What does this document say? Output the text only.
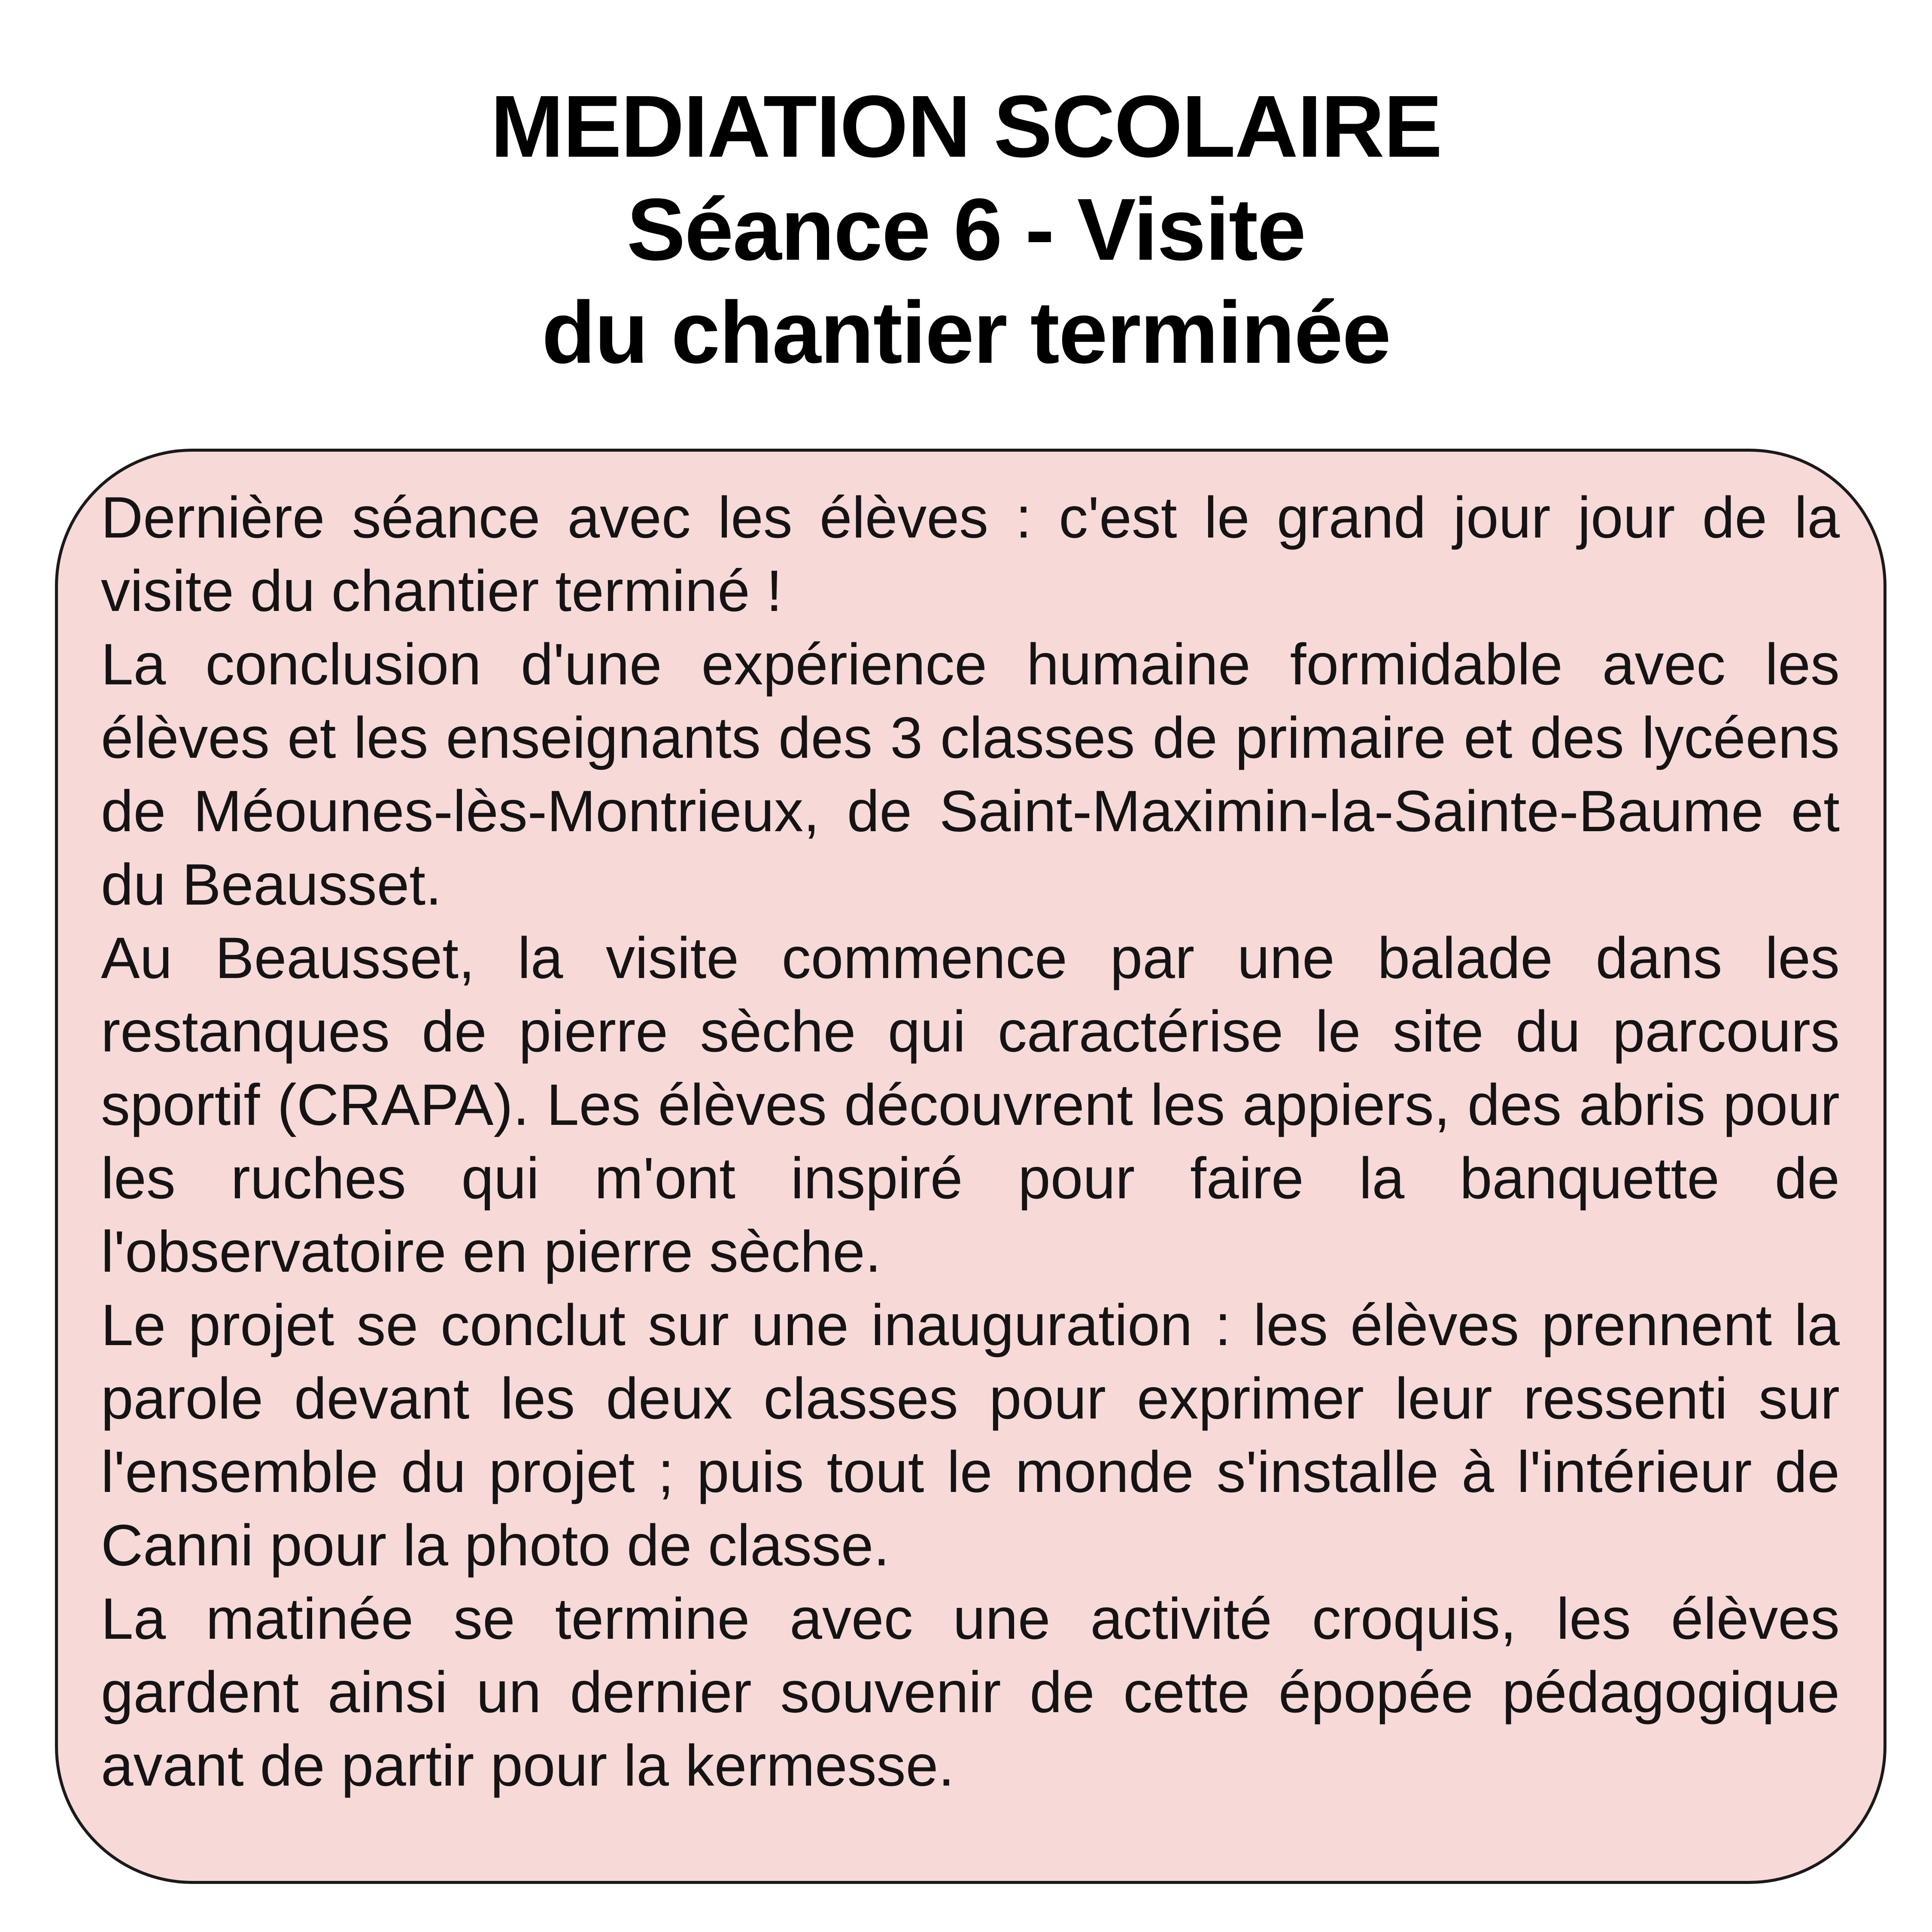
MEDIATION SCOLAIRE
Séance 6 - Visite
du chantier terminée

Dernière séance avec les élèves : c'est le grand jour jour de la visite du chantier terminé !

La conclusion d'une expérience humaine formidable avec les élèves et les enseignants des 3 classes de primaire et des lycéens de Méounes-lès-Montrieux, de Saint-Maximin-la-Sainte-Baume et du Beausset.

Au Beausset, la visite commence par une balade dans les restanques de pierre sèche qui caractérise le site du parcours sportif (CRAPA). Les élèves découvrent les appiers, des abris pour les ruches qui m'ont inspiré pour faire la banquette de l'observatoire en pierre sèche.

Le projet se conclut sur une inauguration : les élèves prennent la parole devant les deux classes pour exprimer leur ressenti sur l'ensemble du projet ; puis tout le monde s'installe à l'intérieur de Canni pour la photo de classe.

La matinée se termine avec une activité croquis, les élèves gardent ainsi un dernier souvenir de cette épopée pédagogique avant de partir pour la kermesse.
